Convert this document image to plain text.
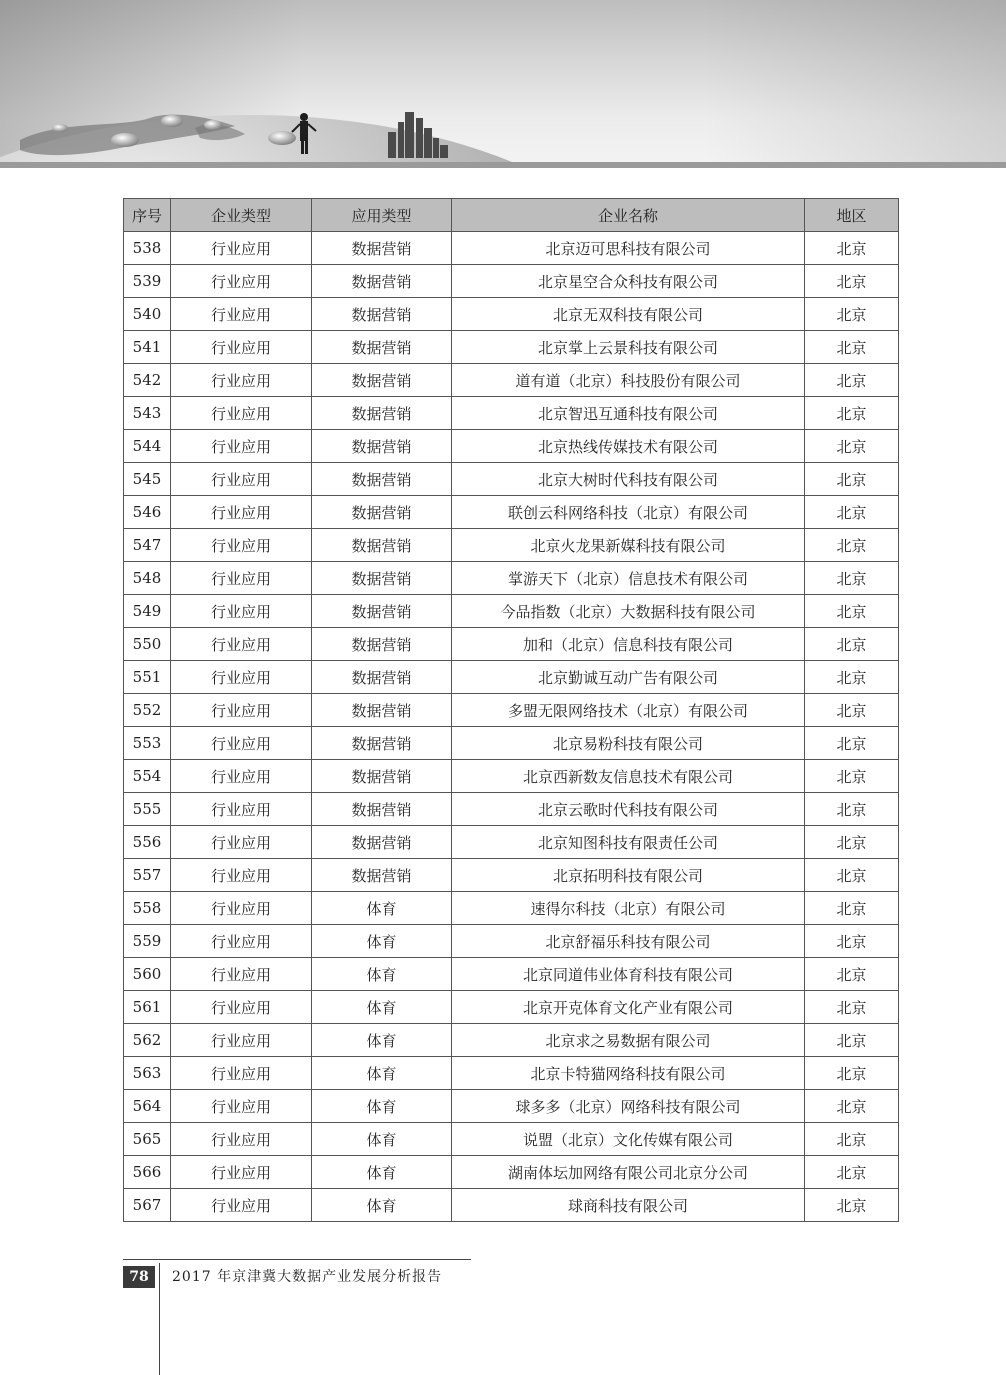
序号	企业类型	应用类型	企业名称	地区
538	行业应用	数据营销	北京迈可思科技有限公司	北京
539	行业应用	数据营销	北京星空合众科技有限公司	北京
540	行业应用	数据营销	北京无双科技有限公司	北京
541	行业应用	数据营销	北京掌上云景科技有限公司	北京
542	行业应用	数据营销	道有道（北京）科技股份有限公司	北京
543	行业应用	数据营销	北京智迅互通科技有限公司	北京
544	行业应用	数据营销	北京热线传媒技术有限公司	北京
545	行业应用	数据营销	北京大树时代科技有限公司	北京
546	行业应用	数据营销	联创云科网络科技（北京）有限公司	北京
547	行业应用	数据营销	北京火龙果新媒科技有限公司	北京
548	行业应用	数据营销	掌游天下（北京）信息技术有限公司	北京
549	行业应用	数据营销	今品指数（北京）大数据科技有限公司	北京
550	行业应用	数据营销	加和（北京）信息科技有限公司	北京
551	行业应用	数据营销	北京勤诚互动广告有限公司	北京
552	行业应用	数据营销	多盟无限网络技术（北京）有限公司	北京
553	行业应用	数据营销	北京易粉科技有限公司	北京
554	行业应用	数据营销	北京西新数友信息技术有限公司	北京
555	行业应用	数据营销	北京云歌时代科技有限公司	北京
556	行业应用	数据营销	北京知图科技有限责任公司	北京
557	行业应用	数据营销	北京拓明科技有限公司	北京
558	行业应用	体育	速得尔科技（北京）有限公司	北京
559	行业应用	体育	北京舒福乐科技有限公司	北京
560	行业应用	体育	北京同道伟业体育科技有限公司	北京
561	行业应用	体育	北京开克体育文化产业有限公司	北京
562	行业应用	体育	北京求之易数据有限公司	北京
563	行业应用	体育	北京卡特猫网络科技有限公司	北京
564	行业应用	体育	球多多（北京）网络科技有限公司	北京
565	行业应用	体育	说盟（北京）文化传媒有限公司	北京
566	行业应用	体育	湖南体坛加网络有限公司北京分公司	北京
567	行业应用	体育	球商科技有限公司	北京
78	2017 年京津冀大数据产业发展分析报告
